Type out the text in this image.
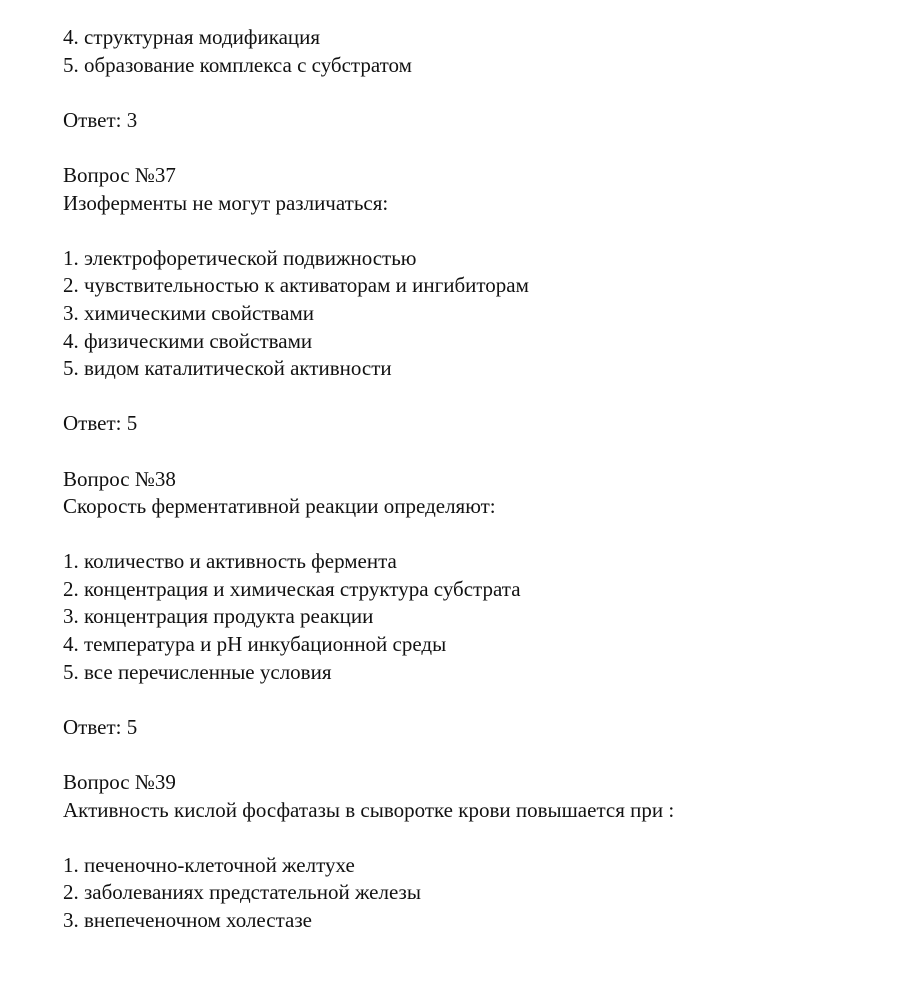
4. структурная модификация
5. образование комплекса с субстратом
Ответ: 3
Вопрос №37
Изоферменты не могут различаться:
1. электрофоретической подвижностью
2. чувствительностью к активаторам и ингибиторам
3. химическими свойствами
4. физическими свойствами
5. видом каталитической активности
Ответ: 5
Вопрос №38
Скорость ферментативной реакции определяют:
1. количество и активность фермента
2. концентрация и химическая структура субстрата
3. концентрация продукта реакции
4. температура и рН инкубационной среды
5. все перечисленные условия
Ответ: 5
Вопрос №39
Активность кислой фосфатазы в сыворотке крови повышается при :
1. печеночно-клеточной желтухе
2. заболеваниях предстательной железы
3. внепеченочном холестазе
